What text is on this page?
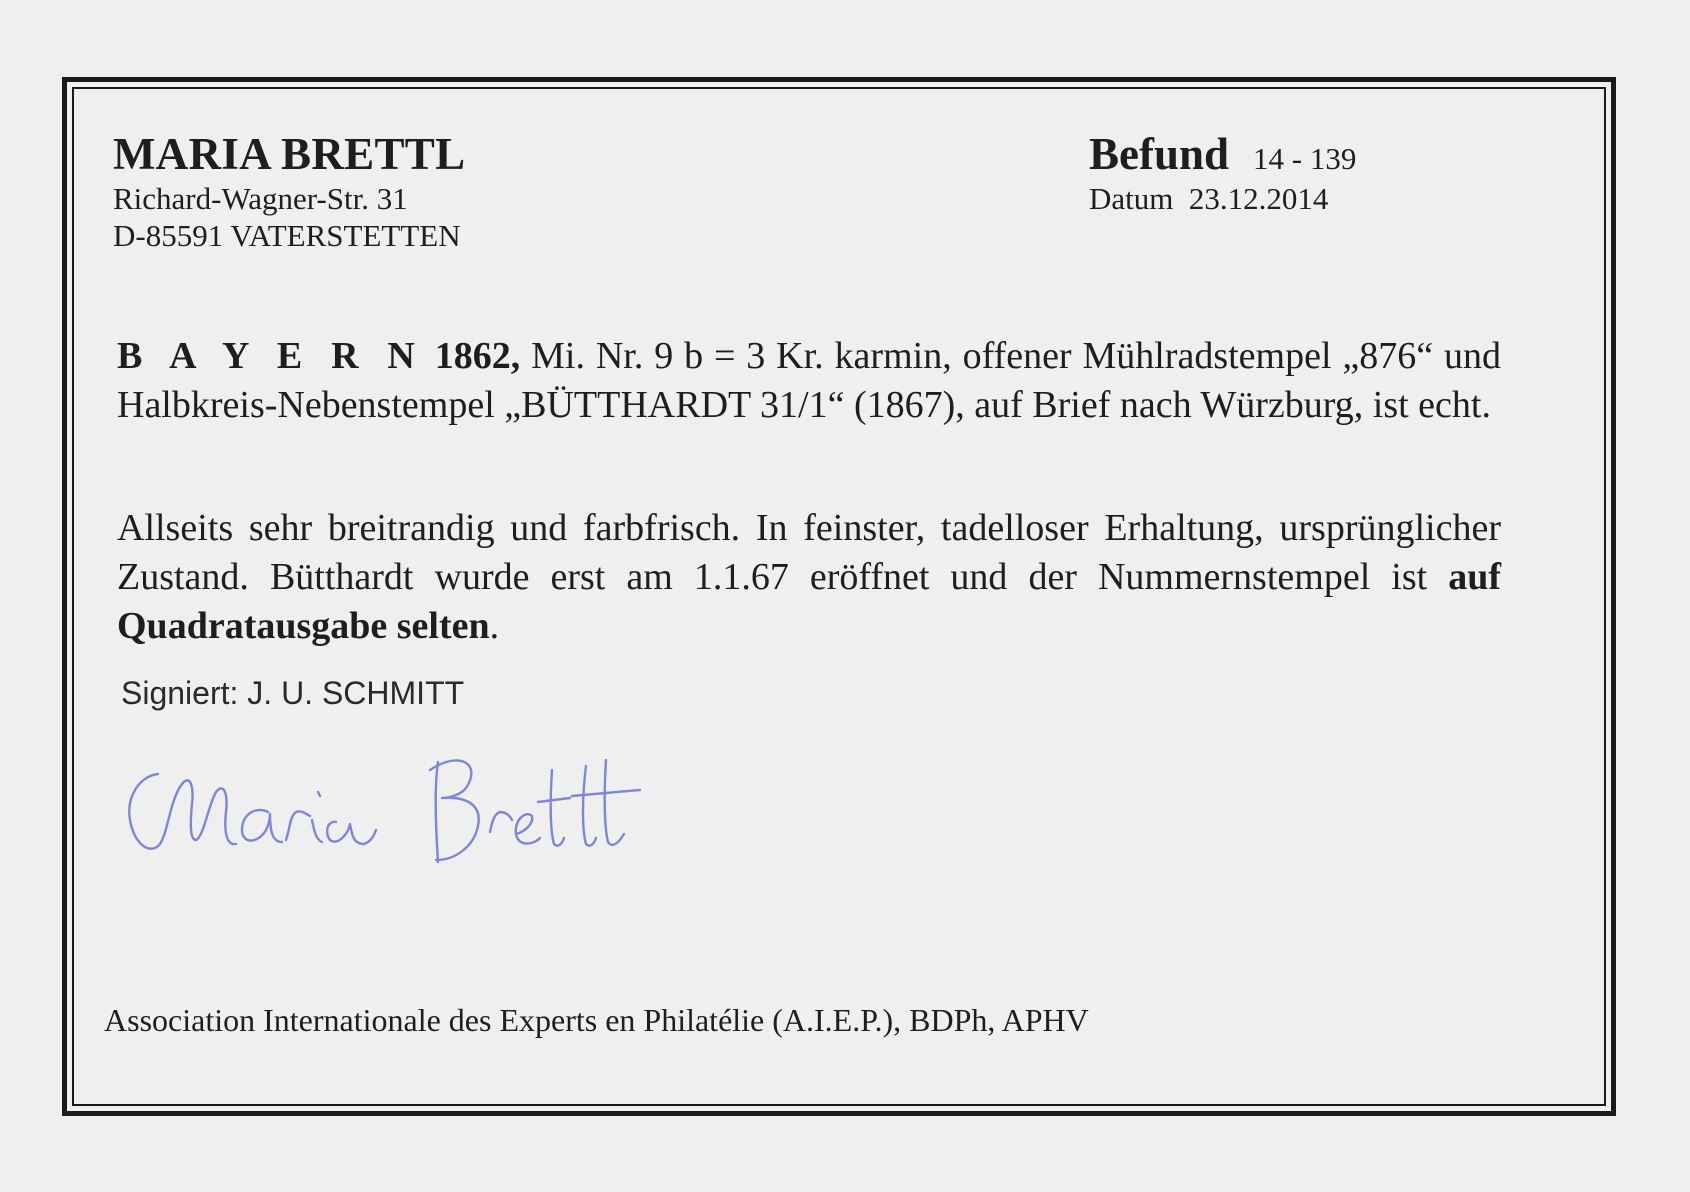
MARIA BRETTL
Richard-Wagner-Str. 31
D-85591 VATERSTETTEN
Befund 14 - 139
Datum  23.12.2014
B A Y E R N 1862, Mi. Nr. 9 b = 3 Kr. karmin, offener Mühlradstempel „876“ und Halbkreis-Nebenstempel „BÜTTHARDT 31/1“ (1867), auf Brief nach Würzburg, ist echt.
Allseits sehr breitrandig und farbfrisch. In feinster, tadelloser Erhaltung, ursprünglicher Zustand. Bütthardt wurde erst am 1.1.67 eröffnet und der Nummernstempel ist auf Quadratausgabe selten.
Signiert: J. U. SCHMITT
Association Internationale des Experts en Philatélie (A.I.E.P.), BDPh, APHV
